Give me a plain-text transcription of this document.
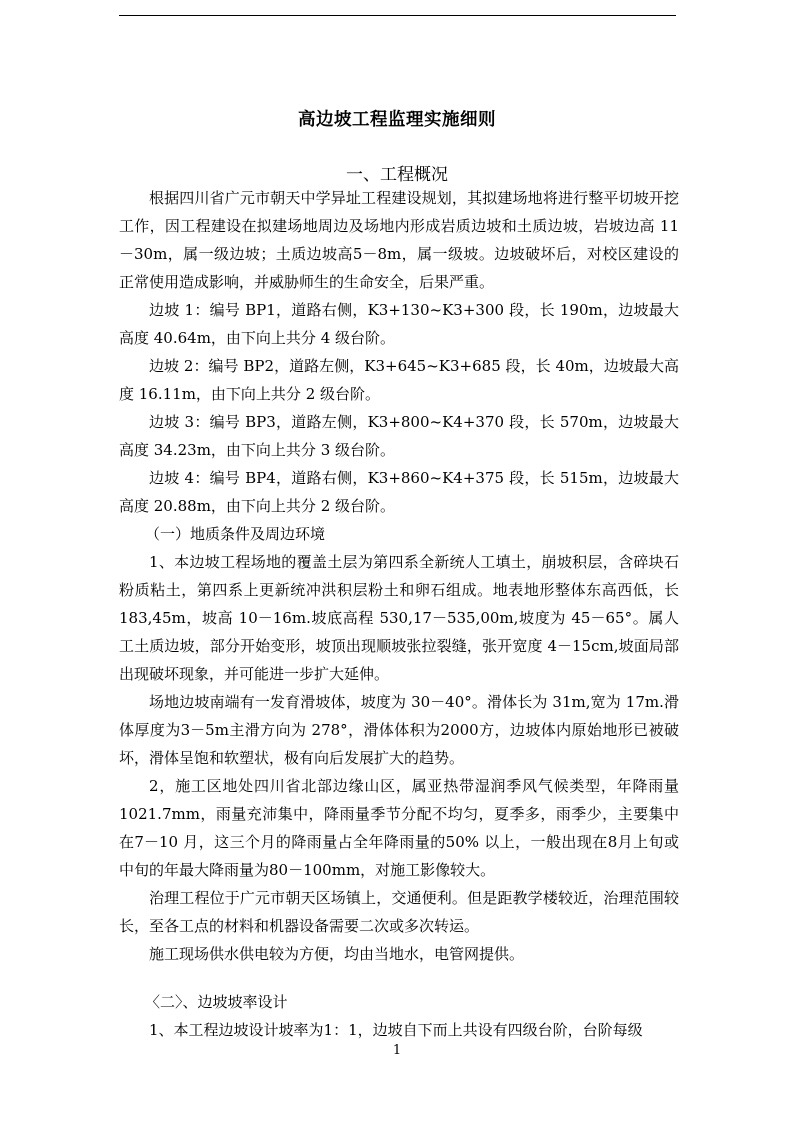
高边坡工程监理实施细则
一、工程概况

根据四川省广元市朝天中学异址工程建设规划，其拟建场地将进行整平切坡开挖工作，因工程建设在拟建场地周边及场地内形成岩质边坡和土质边坡，岩坡边高 11－30m，属一级边坡；土质边坡高5－8m，属一级坡。边坡破坏后，对校区建设的正常使用造成影响，并威胁师生的生命安全，后果严重。

边坡 1：编号 BP1，道路右侧，K3+130~K3+300 段，长 190m，边坡最大高度 40.64m，由下向上共分 4 级台阶。

边坡 2：编号 BP2，道路左侧，K3+645~K3+685 段，长 40m，边坡最大高度 16.11m，由下向上共分 2 级台阶。

边坡 3：编号 BP3，道路左侧，K3+800~K4+370 段，长 570m，边坡最大高度 34.23m，由下向上共分 3 级台阶。

边坡 4：编号 BP4，道路右侧，K3+860~K4+375 段，长 515m，边坡最大高度 20.88m，由下向上共分 2 级台阶。

（一）地质条件及周边环境

1、本边坡工程场地的覆盖土层为第四系全新统人工填土，崩坡积层，含碎块石粉质粘土，第四系上更新统冲洪积层粉土和卵石组成。地表地形整体东高西低，长 183,45m，坡高 10－16m.坡底高程 530,17－535,00m,坡度为 45－65°。属人工土质边坡，部分开始变形，坡顶出现顺坡张拉裂缝，张开宽度 4－15cm,坡面局部出现破坏现象，并可能进一步扩大延伸。

场地边坡南端有一发育滑坡体，坡度为 30－40°。滑体长为 31m,宽为 17m.滑体厚度为3－5m主滑方向为 278°，滑体体积为2000方，边坡体内原始地形已被破坏，滑体呈饱和软塑状，极有向后发展扩大的趋势。

2，施工区地处四川省北部边缘山区，属亚热带湿润季风气候类型，年降雨量 1021.7mm，雨量充沛集中，降雨量季节分配不均匀，夏季多，雨季少，主要集中在7－10 月，这三个月的降雨量占全年降雨量的50% 以上，一般出现在8月上旬或中旬的年最大降雨量为80－100mm，对施工影像较大。

治理工程位于广元市朝天区场镇上，交通便利。但是距教学楼较近，治理范围较长，至各工点的材料和机器设备需要二次或多次转运。

施工现场供水供电较为方便，均由当地水，电管网提供。

〈二〉、边坡坡率设计

1、本工程边坡设计坡率为1：1，边坡自下而上共设有四级台阶，台阶每级

1
